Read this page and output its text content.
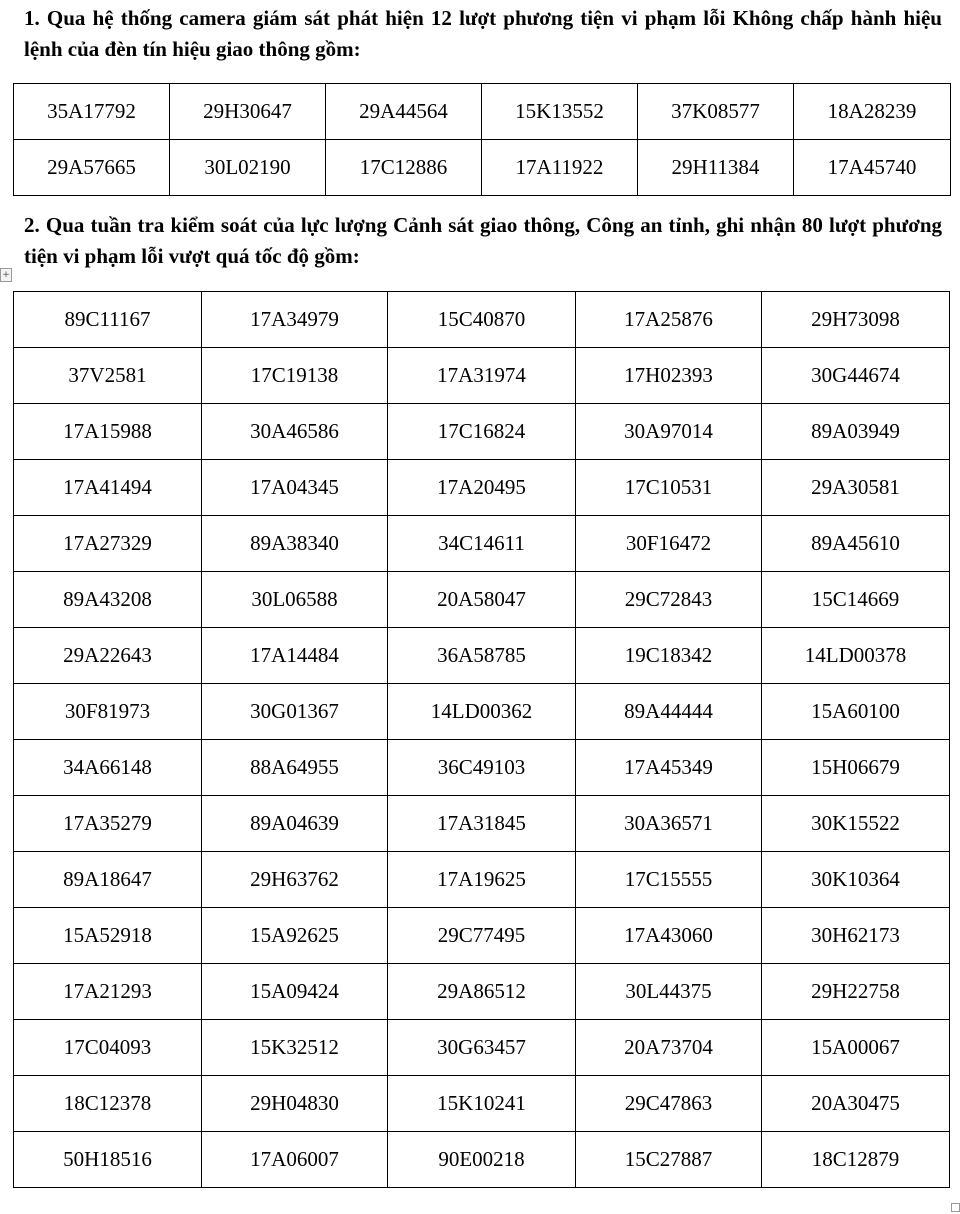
1. Qua hệ thống camera giám sát phát hiện 12 lượt phương tiện vi phạm lỗi Không chấp hành hiệu lệnh của đèn tín hiệu giao thông gồm:

35A17792	29H30647	29A44564	15K13552	37K08577	18A28239
29A57665	30L02190	17C12886	17A11922	29H11384	17A45740

2. Qua tuần tra kiểm soát của lực lượng Cảnh sát giao thông, Công an tỉnh, ghi nhận 80 lượt phương tiện vi phạm lỗi vượt quá tốc độ gồm:

+
89C11167	17A34979	15C40870	17A25876	29H73098
37V2581	17C19138	17A31974	17H02393	30G44674
17A15988	30A46586	17C16824	30A97014	89A03949
17A41494	17A04345	17A20495	17C10531	29A30581
17A27329	89A38340	34C14611	30F16472	89A45610
89A43208	30L06588	20A58047	29C72843	15C14669
29A22643	17A14484	36A58785	19C18342	14LD00378
30F81973	30G01367	14LD00362	89A44444	15A60100
34A66148	88A64955	36C49103	17A45349	15H06679
17A35279	89A04639	17A31845	30A36571	30K15522
89A18647	29H63762	17A19625	17C15555	30K10364
15A52918	15A92625	29C77495	17A43060	30H62173
17A21293	15A09424	29A86512	30L44375	29H22758
17C04093	15K32512	30G63457	20A73704	15A00067
18C12378	29H04830	15K10241	29C47863	20A30475
50H18516	17A06007	90E00218	15C27887	18C12879
